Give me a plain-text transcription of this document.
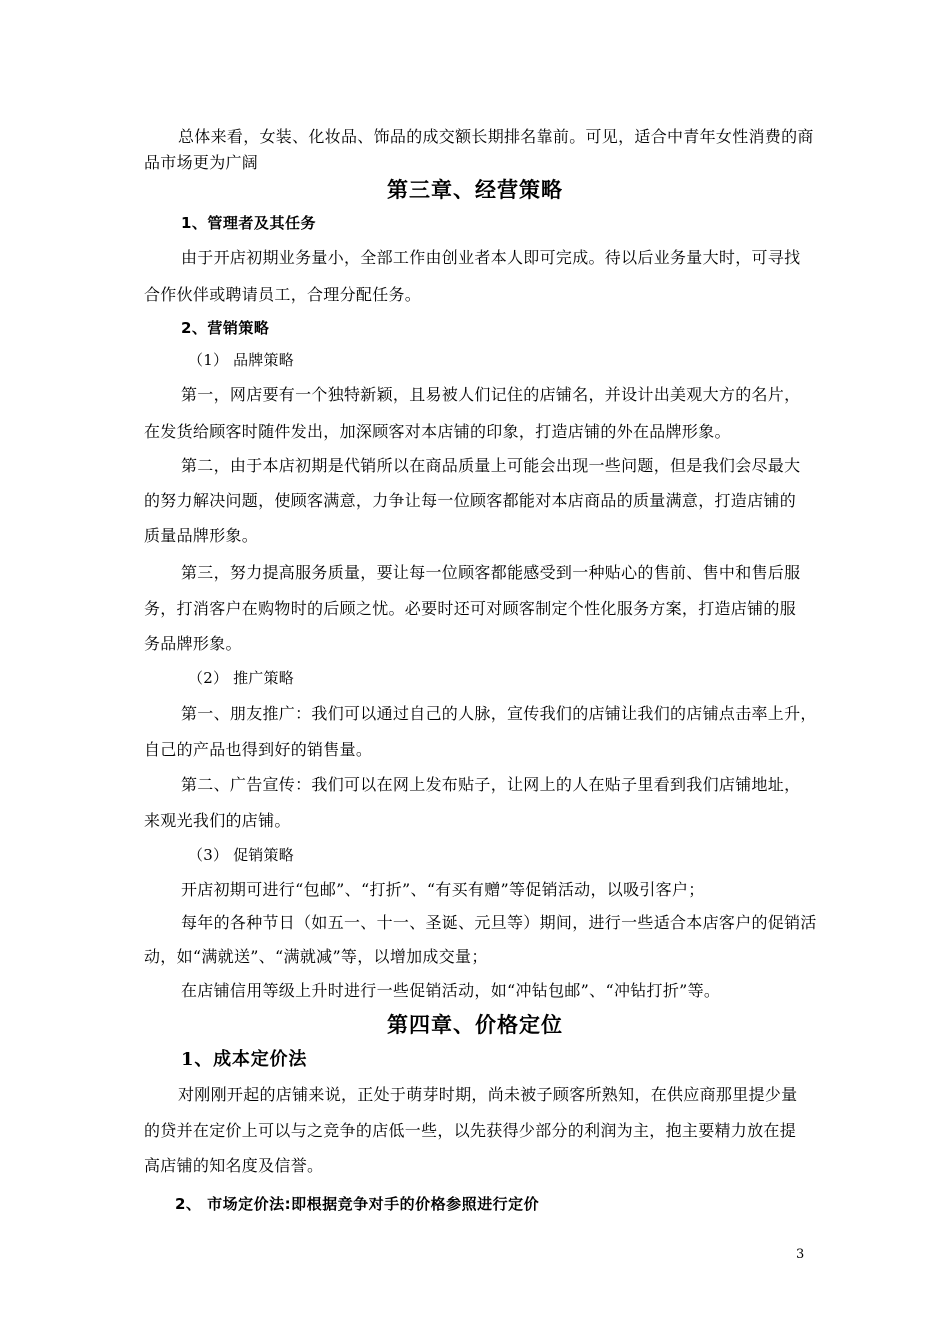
总体来看，女装、化妆品、饰品的成交额长期排名靠前。可见，适合中青年女性消费的商

品市场更为广阔

第三章、经营策略

1、管理者及其任务

由于开店初期业务量小，全部工作由创业者本人即可完成。待以后业务量大时，可寻找

合作伙伴或聘请员工，合理分配任务。

2、营销策略

（1） 品牌策略

第一，网店要有一个独特新颖，且易被人们记住的店铺名，并设计出美观大方的名片，

在发货给顾客时随件发出，加深顾客对本店铺的印象，打造店铺的外在品牌形象。

第二，由于本店初期是代销所以在商品质量上可能会出现一些问题，但是我们会尽最大

的努力解决问题，使顾客满意，力争让每一位顾客都能对本店商品的质量满意，打造店铺的

质量品牌形象。

第三，努力提高服务质量，要让每一位顾客都能感受到一种贴心的售前、售中和售后服

务，打消客户在购物时的后顾之忧。必要时还可对顾客制定个性化服务方案，打造店铺的服

务品牌形象。

（2） 推广策略

第一、朋友推广：我们可以通过自己的人脉，宣传我们的店铺让我们的店铺点击率上升，

自己的产品也得到好的销售量。

第二、广告宣传：我们可以在网上发布贴子，让网上的人在贴子里看到我们店铺地址，

来观光我们的店铺。

（3） 促销策略

开店初期可进行“包邮”、“打折”、“有买有赠”等促销活动，以吸引客户；

每年的各种节日（如五一、十一、圣诞、元旦等）期间，进行一些适合本店客户的促销活

动，如“满就送”、“满就减”等，以增加成交量；

在店铺信用等级上升时进行一些促销活动，如“冲钻包邮”、“冲钻打折”等。

第四章、价格定位

1、成本定价法

对刚刚开起的店铺来说，正处于萌芽时期，尚未被子顾客所熟知，在供应商那里提少量

的贷并在定价上可以与之竞争的店低一些，以先获得少部分的利润为主，抱主要精力放在提

高店铺的知名度及信誉。

2、 市场定价法:即根据竞争对手的价格参照进行定价

3
